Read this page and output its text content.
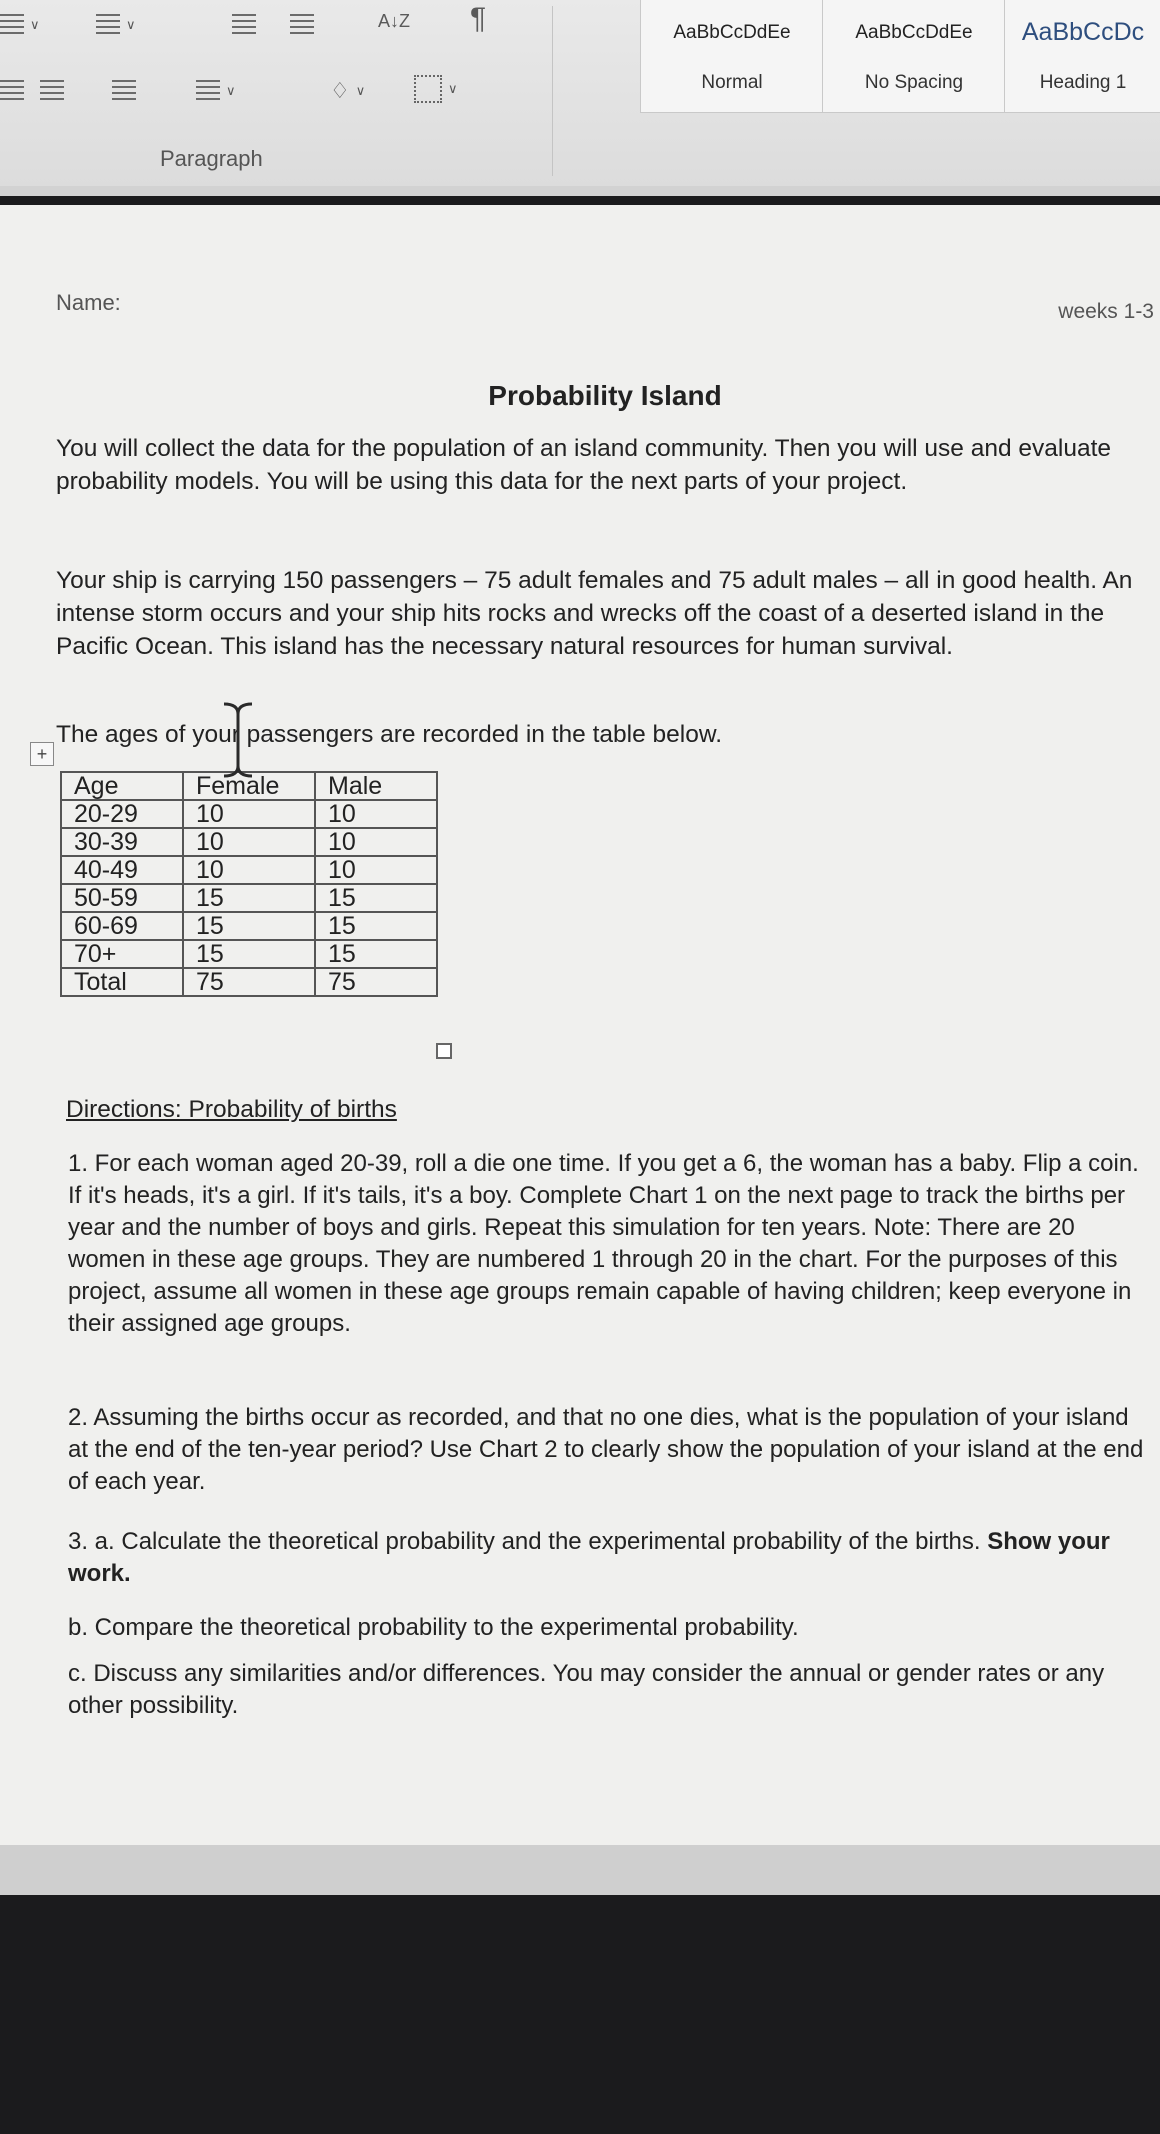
∨	∨	A↓Z ¶
∨	♢ ∨	∨
Paragraph
AaBbCcDdEe
Normal
AaBbCcDdEe
No Spacing
AaBbCcDc
Heading 1
Name:	weeks 1-3
Probability Island
You will collect the data for the population of an island community. Then you will use and evaluate probability models. You will be using this data for the next parts of your project.
Your ship is carrying 150 passengers – 75 adult females and 75 adult males – all in good health. An intense storm occurs and your ship hits rocks and wrecks off the coast of a deserted island in the Pacific Ocean. This island has the necessary natural resources for human survival.
The ages of your passengers are recorded in the table below.
+
Age	Female	Male
20-29	10	10
30-39	10	10
40-49	10	10
50-59	15	15
60-69	15	15
70+	15	15
Total	75	75
Directions: Probability of births
1. For each woman aged 20-39, roll a die one time. If you get a 6, the woman has a baby. Flip a coin. If it's heads, it's a girl. If it's tails, it's a boy. Complete Chart 1 on the next page to track the births per year and the number of boys and girls. Repeat this simulation for ten years. Note: There are 20 women in these age groups. They are numbered 1 through 20 in the chart. For the purposes of this project, assume all women in these age groups remain capable of having children; keep everyone in their assigned age groups.
2. Assuming the births occur as recorded, and that no one dies, what is the population of your island at the end of the ten-year period? Use Chart 2 to clearly show the population of your island at the end of each year.
3. a. Calculate the theoretical probability and the experimental probability of the births. Show your work.
b. Compare the theoretical probability to the experimental probability.
c. Discuss any similarities and/or differences. You may consider the annual or gender rates or any other possibility.
